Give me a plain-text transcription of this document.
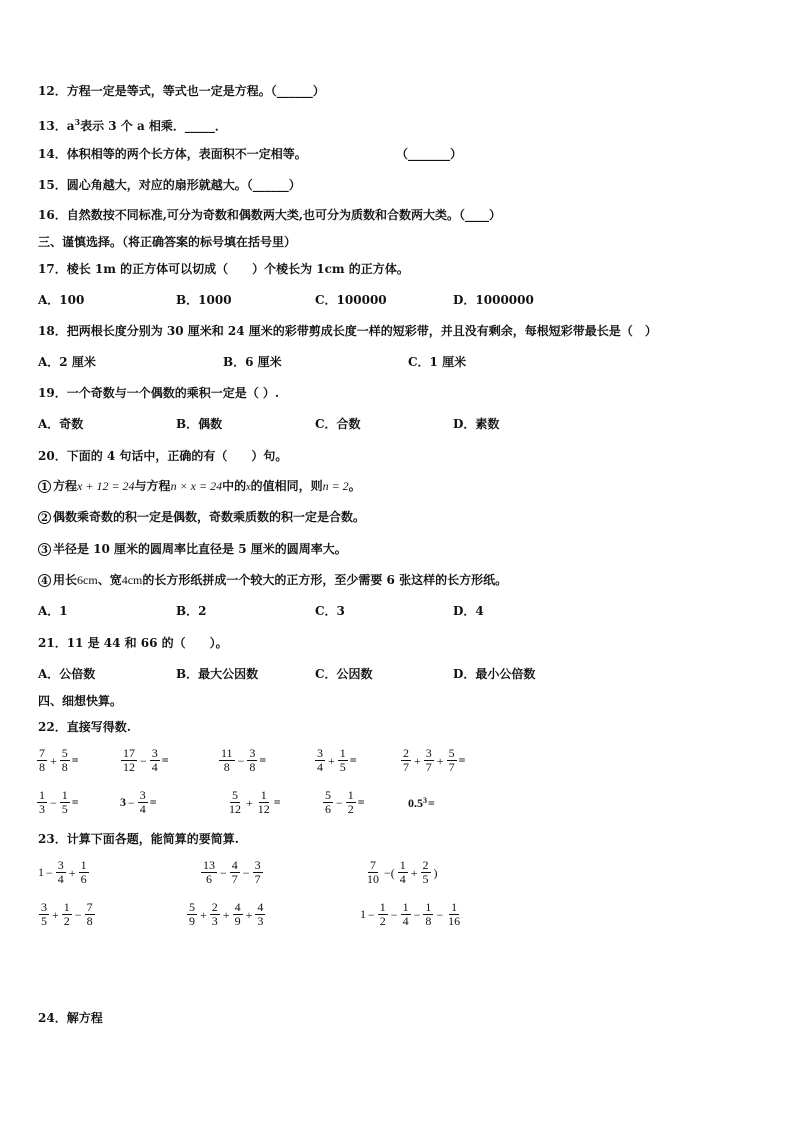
12．方程一定是等式，等式也一定是方程。（______）
13．$a^3$表示 3 个 a 相乘．_____．
14．体积相等的两个长方体，表面积不一定相等。	（_______）
15．圆心角越大，对应的扇形就越大。（______）
16．自然数按不同标准,可分为奇数和偶数两大类,也可分为质数和合数两大类。（____）
三、谨慎选择。（将正确答案的标号填在括号里）
17．棱长 1m 的正方体可以切成（　　）个棱长为 1cm 的正方体。
A．100	B．1000	C．100000	D．1000000
18．把两根长度分别为 30 厘米和 24 厘米的彩带剪成长度一样的短彩带，并且没有剩余，每根短彩带最长是（　）
A．2 厘米	B．6 厘米	C．1 厘米
19．一个奇数与一个偶数的乘积一定是（ ）.
A．奇数	B．偶数	C．合数	D．素数
20．下面的 4 句话中，正确的有（　　）句。
1 方程x + 12 = 24与方程n × x = 24中的x的值相同，则n = 2。
2 偶数乘奇数的积一定是偶数，奇数乘质数的积一定是合数。
3 半径是 10 厘米的圆周率比直径是 5 厘米的圆周率大。
4 用长6cm、宽4cm的长方形纸拼成一个较大的正方形，至少需要 6 张这样的长方形纸。
A．1	B．2	C．3	D．4
21．11 是 44 和 66 的（　　）。
A．公倍数	B．最大公因数	C．公因数	D．最小公倍数
四、细想快算。
22．直接写得数.
$\frac{7}{8} + \frac{5}{8}$ =	$\frac{17}{12} - \frac{3}{4}$ =	$\frac{11}{8} - \frac{3}{8}$ =	$\frac{3}{4} + \frac{1}{5}$ =	$\frac{2}{7} + \frac{3}{7} + \frac{5}{7}$ =
$\frac{1}{3} - \frac{1}{5}$ =	$3 - \frac{3}{4}$ =	$\frac{5}{12} + \frac{1}{12}$ =	$\frac{5}{6} - \frac{1}{2}$ =	$0.5^3$ =
23．计算下面各题，能简算的要简算.
$1 - \frac{3}{4} + \frac{1}{6}$	$\frac{13}{6} - \frac{4}{7} - \frac{3}{7}$	$\frac{7}{10}$ −( $\frac{1}{4} + \frac{2}{5}$ )
$\frac{3}{5} + \frac{1}{2} - \frac{7}{8}$	$\frac{5}{9} + \frac{2}{3} + \frac{4}{9} + \frac{4}{3}$	$1 - \frac{1}{2} - \frac{1}{4} - \frac{1}{8} - \frac{1}{16}$
24．解方程
